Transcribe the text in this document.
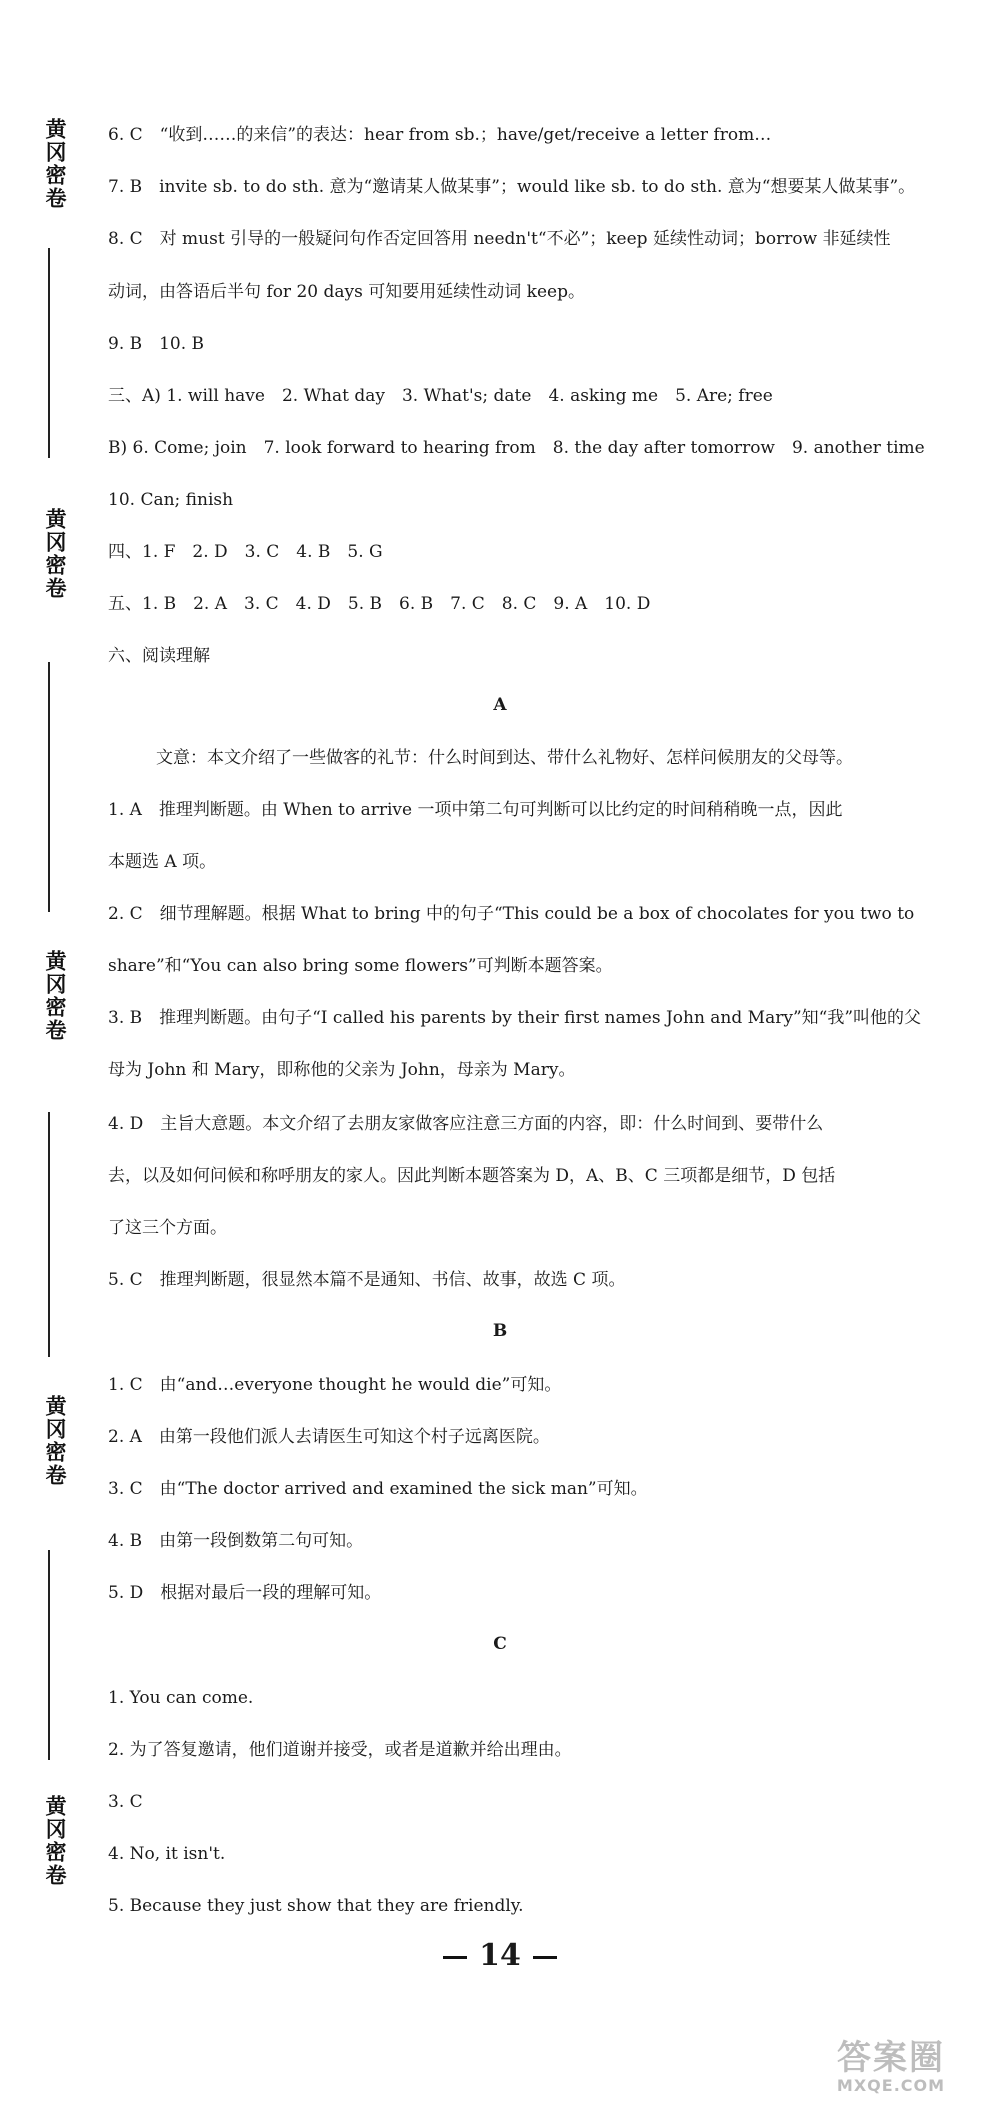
黄冈密卷
黄冈密卷
黄冈密卷
黄冈密卷
黄冈密卷
6. C　“收到……的来信”的表达：hear from sb.；have/get/receive a letter from…
7. B　invite sb. to do sth. 意为“邀请某人做某事”；would like sb. to do sth. 意为“想要某人做某事”。
8. C　对 must 引导的一般疑问句作否定回答用 needn't“不必”；keep 延续性动词；borrow 非延续性
动词，由答语后半句 for 20 days 可知要用延续性动词 keep。
9. B　10. B
三、A) 1. will have　2. What day　3. What's; date　4. asking me　5. Are; free
B) 6. Come; join　7. look forward to hearing from　8. the day after tomorrow　9. another time
10. Can; finish
四、1. F　2. D　3. C　4. B　5. G
五、1. B　2. A　3. C　4. D　5. B　6. B　7. C　8. C　9. A　10. D
六、阅读理解
A
文意：本文介绍了一些做客的礼节：什么时间到达、带什么礼物好、怎样问候朋友的父母等。
1. A　推理判断题。由 When to arrive 一项中第二句可判断可以比约定的时间稍稍晚一点，因此
本题选 A 项。
2. C　细节理解题。根据 What to bring 中的句子“This could be a box of chocolates for you two to
share”和“You can also bring some flowers”可判断本题答案。
3. B　推理判断题。由句子“I called his parents by their first names John and Mary”知“我”叫他的父
母为 John 和 Mary，即称他的父亲为 John，母亲为 Mary。
4. D　主旨大意题。本文介绍了去朋友家做客应注意三方面的内容，即：什么时间到、要带什么
去，以及如何问候和称呼朋友的家人。因此判断本题答案为 D，A、B、C 三项都是细节，D 包括
了这三个方面。
5. C　推理判断题，很显然本篇不是通知、书信、故事，故选 C 项。
B
1. C　由“and…everyone thought he would die”可知。
2. A　由第一段他们派人去请医生可知这个村子远离医院。
3. C　由“The doctor arrived and examined the sick man”可知。
4. B　由第一段倒数第二句可知。
5. D　根据对最后一段的理解可知。
C
1. You can come.
2. 为了答复邀请，他们道谢并接受，或者是道歉并给出理由。
3. C
4. No, it isn't.
5. Because they just show that they are friendly.
14
答案圈
MXQE.COM
